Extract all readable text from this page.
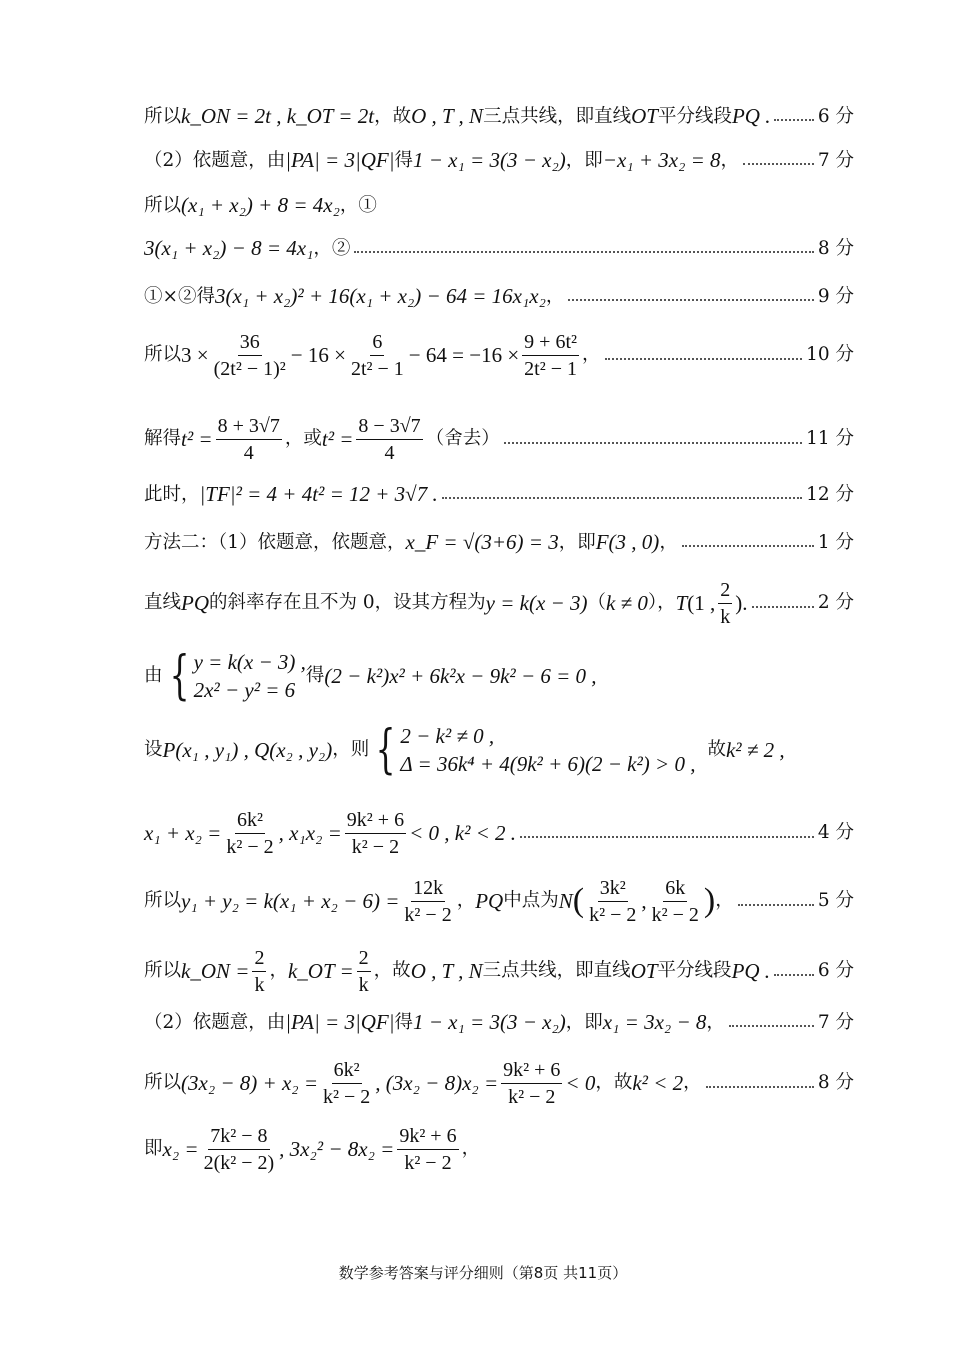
所以 k_ON = 2t , k_OT = 2t ，故 O , T , N 三点共线，即直线 OT 平分线段 PQ .	6 分
（2）依题意，由 |PA| = 3|QF| 得 1 − x₁ = 3(3 − x₂) ，即 −x₁ + 3x₂ = 8 ，	7 分
所以 (x₁ + x₂) + 8 = 4x₂ ，①
3(x₁ + x₂) − 8 = 4x₁ ，②	8 分
①×②得 3(x₁ + x₂)² + 16(x₁ + x₂) − 64 = 16x₁x₂ ，	9 分
所以 $3 \times \frac{36}{\text{(2t² − 1)²}} - 16 \times \frac{6}{\text{2t² − 1}} - 64 = -16 \times \frac{\text{9 + 6t²}}{\text{2t² − 1}}$ ，	10 分
解得 $t^2 = \frac{8 + 3√7}{4}$ ，或 $t^2 = \frac{8 - 3√7}{4}$ （舍去）	11 分
此时， |TF|² = 4 + 4t² = 12 + 3√7 .	12 分
方法二：（1）依题意，依题意， x_F = √(3+6) = 3 ，即 F(3 , 0) ，	1 分
直线 PQ 的斜率存在且不为 0，设其方程为 y = k(x − 3) （ k ≠ 0 ）， T (1 , $\frac{2}{k}$ ).	2 分
由 { y = k(x − 3) ,
2x² − y² = 6
得 (2 − k²)x² + 6k²x − 9k² − 6 = 0 ,
设 P(x₁ , y₁) , Q(x₂ , y₂) ，则 { 2 − k² ≠ 0 ,
Δ = 36k⁴ + 4(9k² + 6)(2 − k²) > 0 ,
故 k² ≠ 2 ,
$x_1 + x_2 = \frac{\text{6k²}}{\text{k² − 2}}$ , $x_1x_2 = \frac{\text{9k² + 6}}{\text{k² − 2}} < 0$ , k² < 2 .	4 分
所以 $y_1 + y_2 = k(x_1 + x_2 - 6) = \frac{12k}{\text{k² − 2}}$ ， PQ 中点为 N ( $\frac{\text{3k²}}{\text{k² − 2}}$ , $\frac{6k}{\text{k² − 2}}$ ) ，	5 分
所以 k_ON = $\frac{2}{k}$ ， k_OT = $\frac{2}{k}$ ，故 O , T , N 三点共线，即直线 OT 平分线段 PQ .	6 分
（2）依题意，由 |PA| = 3|QF| 得 1 − x₁ = 3(3 − x₂) ，即 x₁ = 3x₂ − 8 ，	7 分
所以 $(3x_2 - 8) + x_2 = \frac{\text{6k²}}{\text{k² − 2}}$ , $(3x_2 - 8)x_2 = \frac{\text{9k² + 6}}{\text{k² − 2}} < 0$ ，故 k² < 2 ，	8 分
即 $x_2 = \frac{\text{7k² − 8}}{\text{2(k² − 2)}}$ , $3x_2^2 - 8x_2 = \frac{\text{9k² + 6}}{\text{k² − 2}}$ ，
数学参考答案与评分细则（第8页 共11页）
